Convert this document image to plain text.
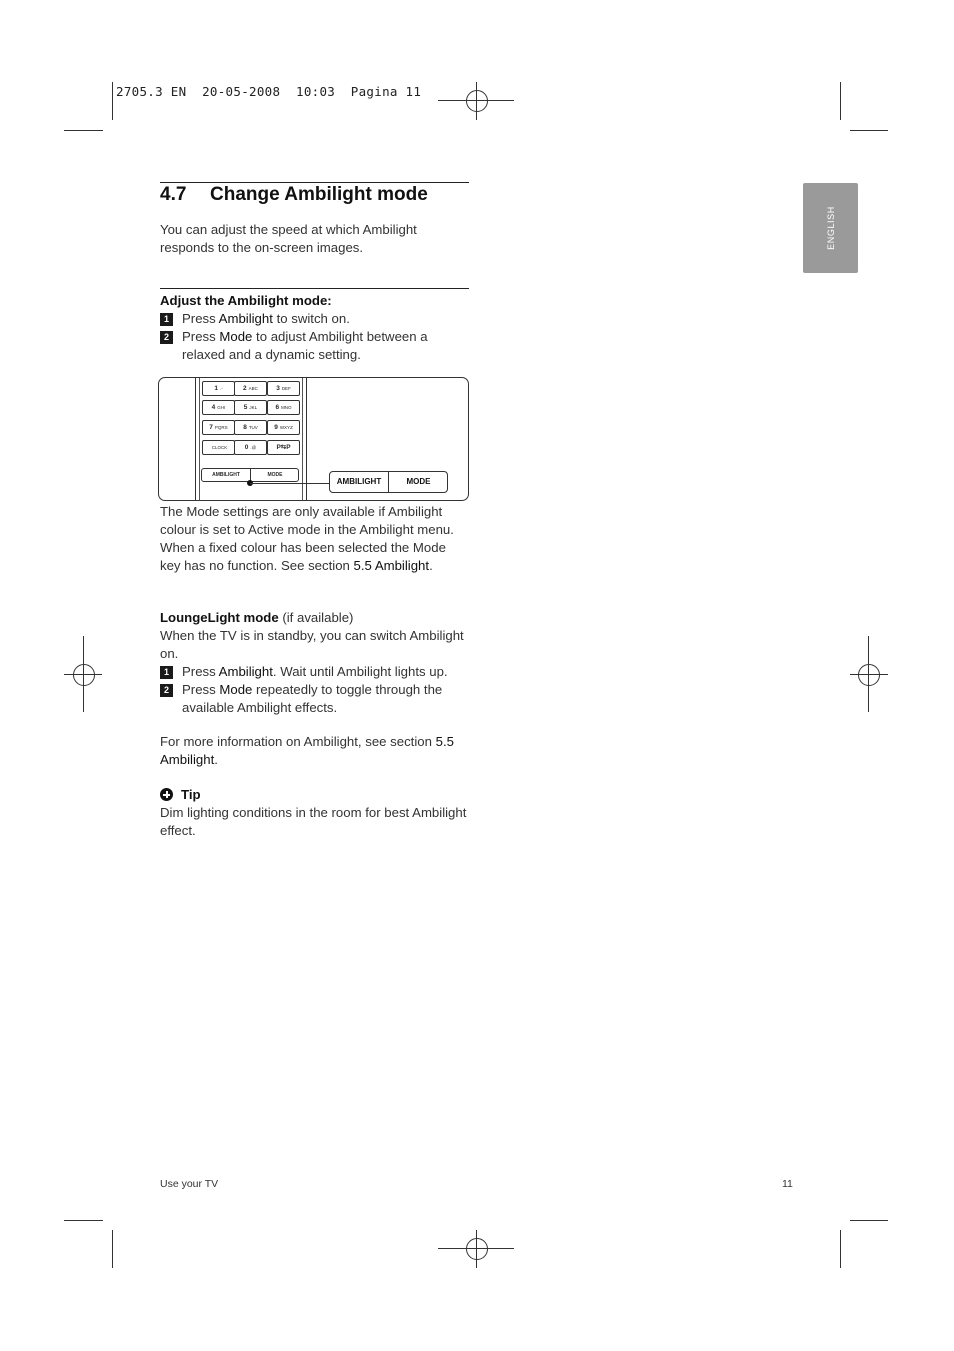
2705.3 EN  20-05-2008  10:03  Pagina 11
ENGLISH
4.7 Change Ambilight mode

You can adjust the speed at which Ambilight responds to the on-screen images.

Adjust the Ambilight mode:

1 Press Ambilight to switch on.

2 Press Mode to adjust Ambilight between a relaxed and a dynamic setting.

1 .-	2 ABC	3 DEF
4 GHI	5 JKL	6 MNO
7 PQRS	8 TUV	9 WXYZ
CLOCK	0 .@	P⇆P
AMBILIGHT	MODE
AMBILIGHT	MODE

The Mode settings are only available if Ambilight colour is set to Active mode in the Ambilight menu. When a fixed colour has been selected the Mode key has no function. See section 5.5 Ambilight.

LoungeLight mode (if available)

When the TV is in standby, you can switch Ambilight on.

1 Press Ambilight. Wait until Ambilight lights up.

2 Press Mode repeatedly to toggle through the available Ambilight effects.

For more information on Ambilight, see section 5.5 Ambilight.

Tip

Dim lighting conditions in the room for best Ambilight effect.

Use your TV	11
